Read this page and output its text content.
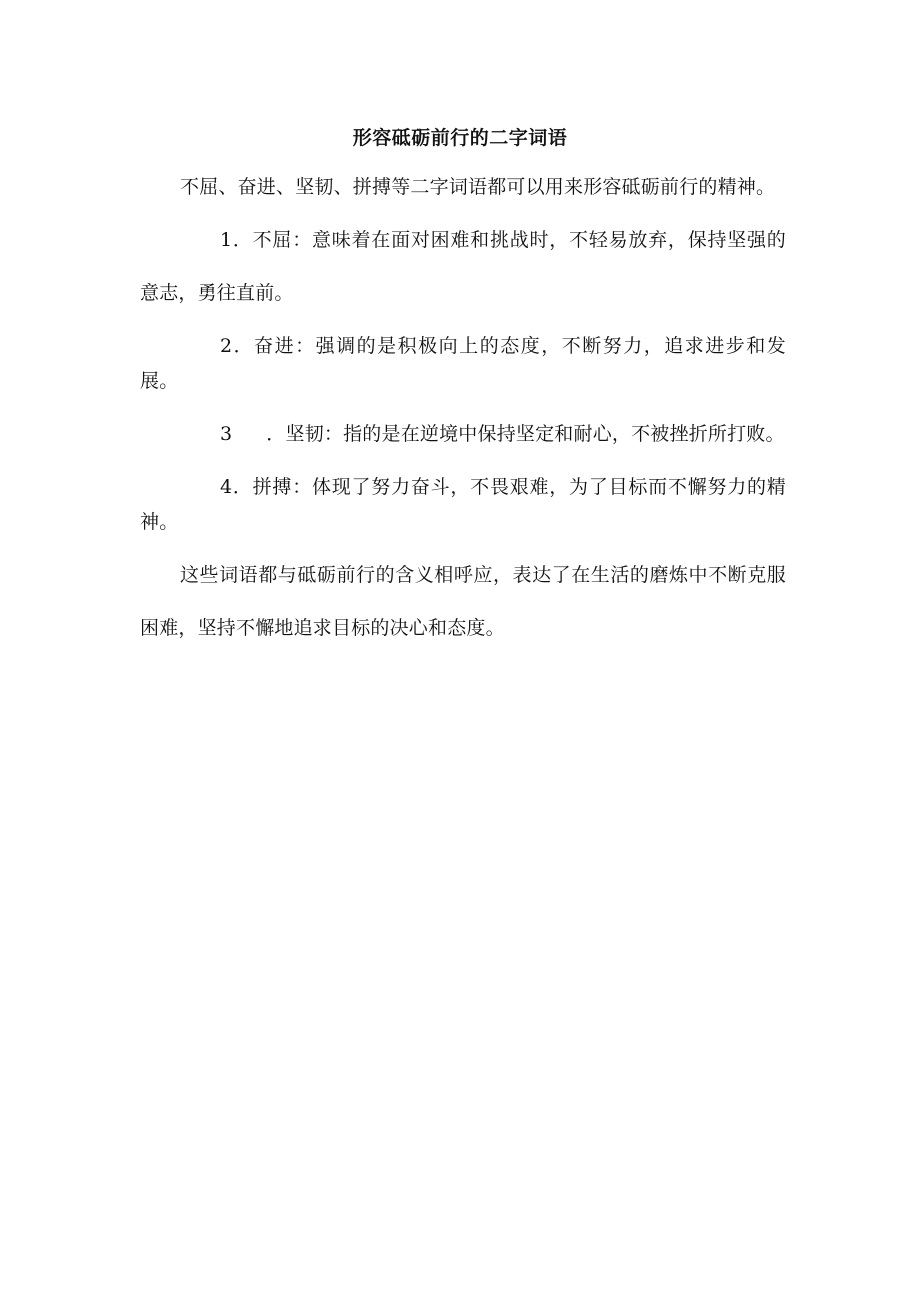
形容砥砺前行的二字词语

不屈、奋进、坚韧、拼搏等二字词语都可以用来形容砥砺前行的精神。

1．不屈：意味着在面对困难和挑战时，不轻易放弃，保持坚强的意志，勇往直前。

2．奋进：强调的是积极向上的态度，不断努力，追求进步和发展。

3 ．坚韧：指的是在逆境中保持坚定和耐心，不被挫折所打败。

4．拼搏：体现了努力奋斗，不畏艰难，为了目标而不懈努力的精神。

这些词语都与砥砺前行的含义相呼应，表达了在生活的磨炼中不断克服困难，坚持不懈地追求目标的决心和态度。
